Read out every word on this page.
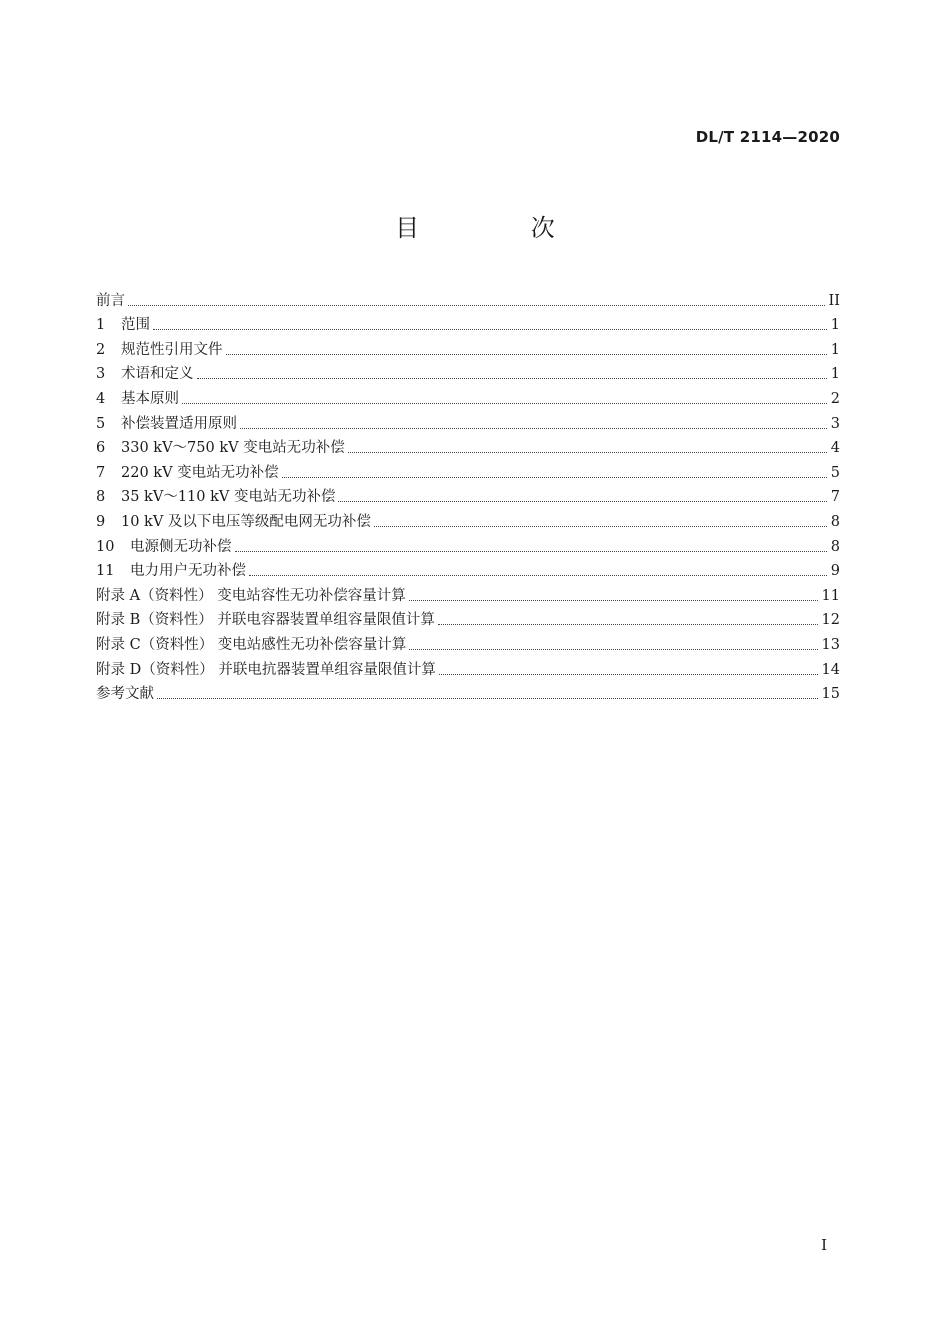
DL/T 2114—2020
目 次
前言	II
1 范围	1
2 规范性引用文件	1
3 术语和定义	1
4 基本原则	2
5 补偿装置适用原则	3
6 330 kV～750 kV 变电站无功补偿	4
7 220 kV 变电站无功补偿	5
8 35 kV～110 kV 变电站无功补偿	7
9 10 kV 及以下电压等级配电网无功补偿	8
10 电源侧无功补偿	8
11 电力用户无功补偿	9
附录 A（资料性） 变电站容性无功补偿容量计算	11
附录 B（资料性） 并联电容器装置单组容量限值计算	12
附录 C（资料性） 变电站感性无功补偿容量计算	13
附录 D（资料性） 并联电抗器装置单组容量限值计算	14
参考文献	15
I
